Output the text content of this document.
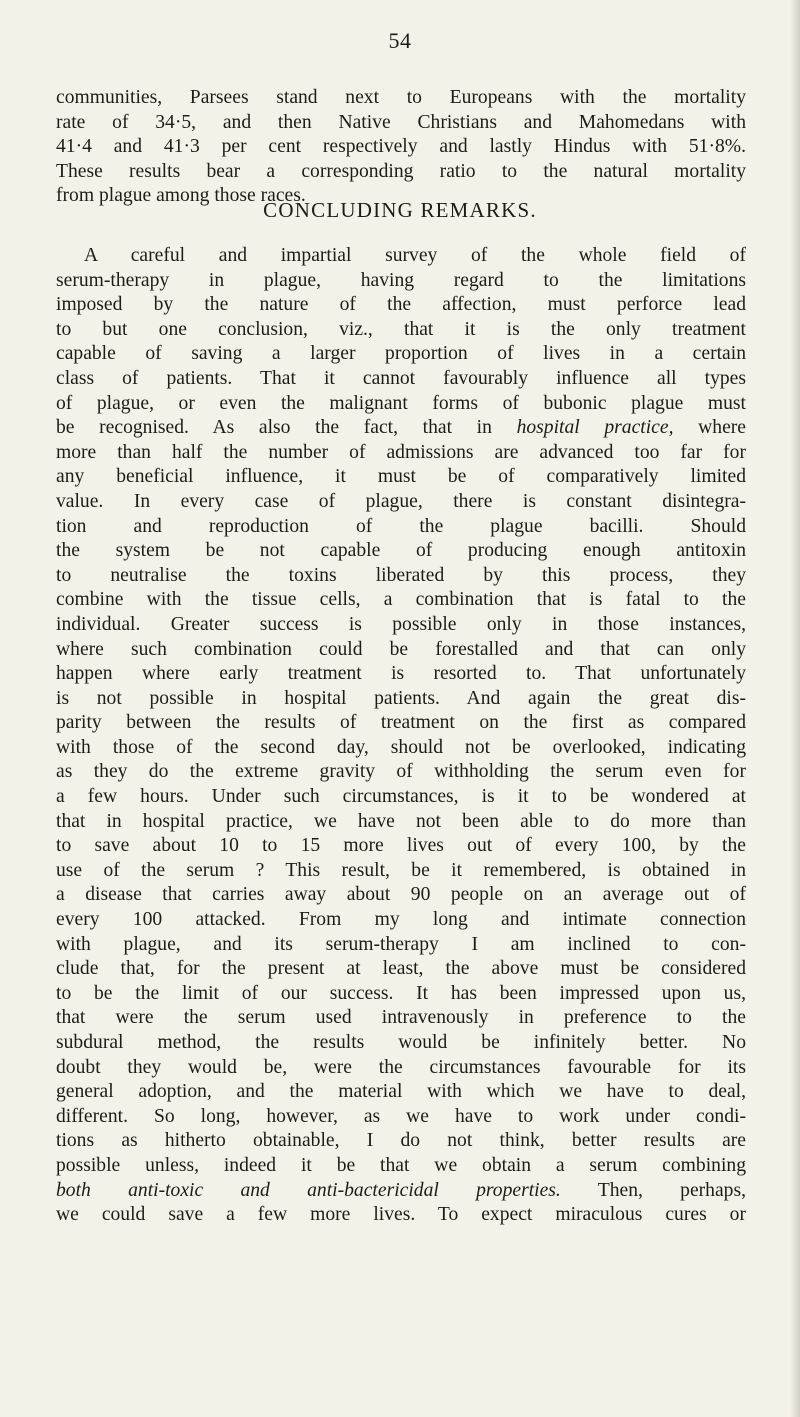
54
communities, Parsees stand next to Europeans with the mortality
rate of 34·5, and then Native Christians and Mahomedans with
41·4 and 41·3 per cent respectively and lastly Hindus with 51·8%.
These results bear a corresponding ratio to the natural mortality
from plague among those races.
CONCLUDING REMARKS.
A careful and impartial survey of the whole field of
serum-therapy in plague, having regard to the limitations
imposed by the nature of the affection, must perforce lead
to but one conclusion, viz., that it is the only treatment
capable of saving a larger proportion of lives in a certain
class of patients. That it cannot favourably influence all types
of plague, or even the malignant forms of bubonic plague must
be recognised. As also the fact, that in hospital practice, where
more than half the number of admissions are advanced too far for
any beneficial influence, it must be of comparatively limited
value. In every case of plague, there is constant disintegra-
tion and reproduction of the plague bacilli. Should
the system be not capable of producing enough antitoxin
to neutralise the toxins liberated by this process, they
combine with the tissue cells, a combination that is fatal to the
individual. Greater success is possible only in those instances,
where such combination could be forestalled and that can only
happen where early treatment is resorted to. That unfortunately
is not possible in hospital patients. And again the great dis-
parity between the results of treatment on the first as compared
with those of the second day, should not be overlooked, indicating
as they do the extreme gravity of withholding the serum even for
a few hours. Under such circumstances, is it to be wondered at
that in hospital practice, we have not been able to do more than
to save about 10 to 15 more lives out of every 100, by the
use of the serum ? This result, be it remembered, is obtained in
a disease that carries away about 90 people on an average out of
every 100 attacked. From my long and intimate connection
with plague, and its serum-therapy I am inclined to con-
clude that, for the present at least, the above must be considered
to be the limit of our success. It has been impressed upon us,
that were the serum used intravenously in preference to the
subdural method, the results would be infinitely better. No
doubt they would be, were the circumstances favourable for its
general adoption, and the material with which we have to deal,
different. So long, however, as we have to work under condi-
tions as hitherto obtainable, I do not think, better results are
possible unless, indeed it be that we obtain a serum combining
both anti-toxic and anti-bactericidal properties. Then, perhaps,
we could save a few more lives. To expect miraculous cures or
